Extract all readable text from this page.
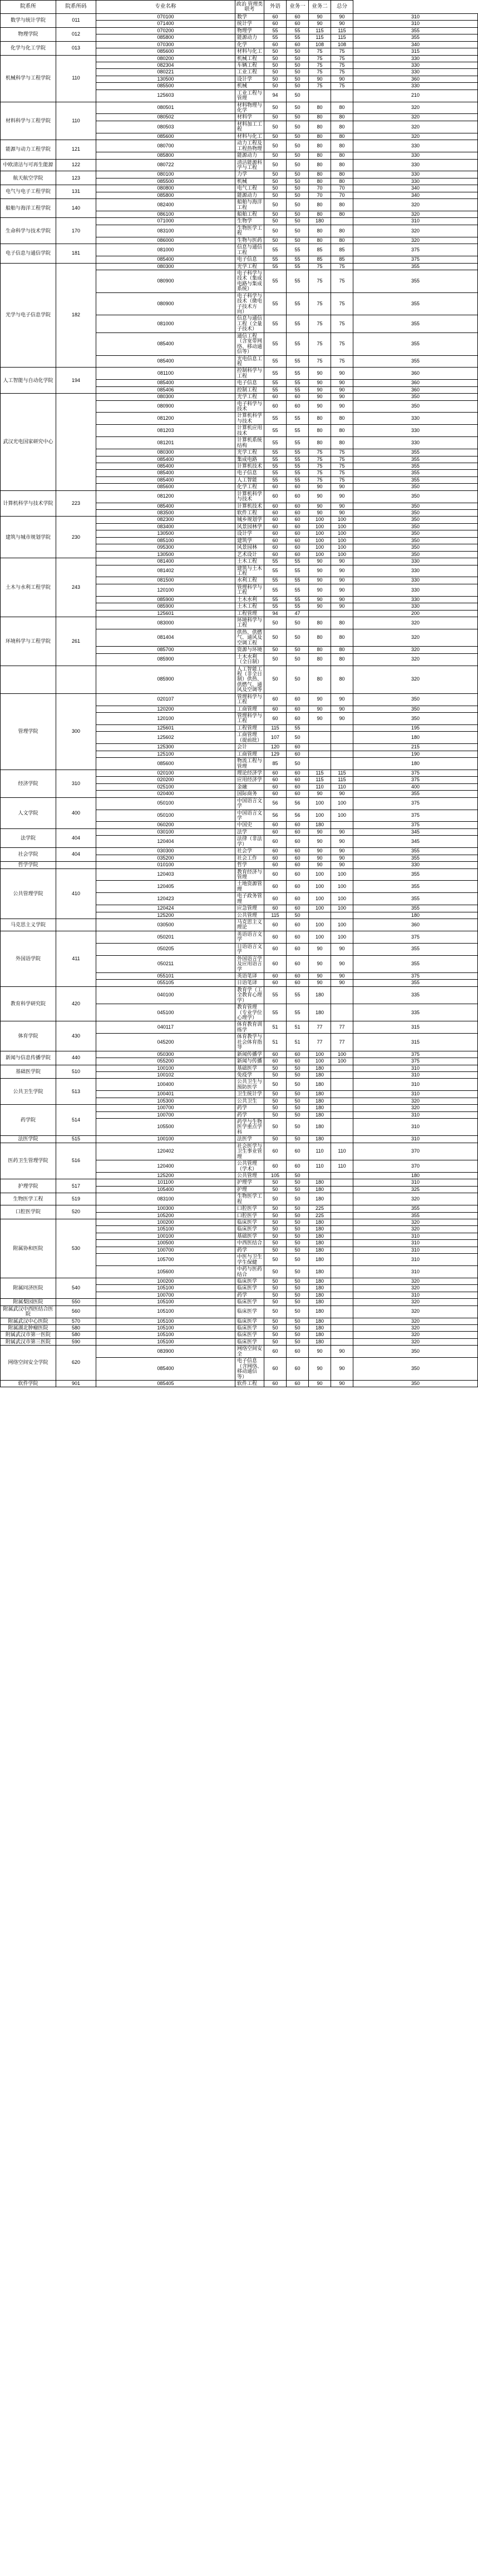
院系所	院系所码	专业名称	政治 管理类联考	外语	业务一	业务二	总分	
数学与统计学院	011	070100	数学	60	60	90	90	310
		071400	统计学	60	60	90	90	310
物理学院	012	070200	物理学	55	55	115	115	355
		085800	能源动力	55	55	115	115	355
化学与化工学院	013	070300	化学	60	60	108	108	340
		085600	材料与化工	50	50	75	75	315
机械科学与工程学院	110	080200	机械工程	50	50	75	75	330
		082304	车辆工程	50	50	75	75	330
		080221	工业工程	50	50	75	75	330
		130500	设计学	50	50	90	90	360
		085500	机械	50	50	75	75	330
		125603	工业工程与管理	94	50			210
材料科学与工程学院	110	080501	材料物理与化学	50	50	80	80	320
		080502	材料学	50	50	80	80	320
		080503	材料加工工程	50	50	80	80	320
		085600	材料与化工	50	50	80	80	320
能源与动力工程学院	121	080700	动力工程及工程热物理	50	50	80	80	330
		085800	能源动力	50	50	80	80	330
中欧清洁与可再生能源	122	080722	清洁能源科学与工程	50	50	80	80	330
航天航空学院	123	080100	力学	50	50	80	80	330
		085500	机械	50	50	80	80	330
电气与电子工程学院	131	080800	电气工程	50	50	70	70	340
		085800	能源动力	50	50	70	70	340
船舶与海洋工程学院	140	082400	船舶与海洋工程	50	50	80	80	320
		086100	船舶工程	50	50	80	80	320
生命科学与技术学院	170	071000	生物学	50	50	180		310
		083100	生物医学工程	50	50	80	80	320
		086000	生物与医药	50	50	80	80	320
电子信息与通信学院	181	081000	信息与通信工程	55	55	85	85	375
		085400	电子信息	55	55	85	85	375
光学与电子信息学院	182	080300	光学工程	55	55	75	75	355
		080900	电子科学与技术（集成电路与集成系统）	55	55	75	75	355
		080900	电子科学与技术（微电子技术方向）	55	55	75	75	355
		081000	信息与通信工程（全量子技术）	55	55	75	75	355
		085400	通信工程（含宽带网络、移动通信等）	55	55	75	75	355
		085400	光电信息工程	55	55	75	75	355
人工智能与自动化学院	194	081100	控制科学与工程	55	55	90	90	360
		085400	电子信息	55	55	90	90	360
		085406	控制工程	55	55	90	90	360
武汉光电国家研究中心		080300	光学工程	60	60	90	90	350
		080900	电子科学与技术	60	60	90	90	350
		081200	计算机科学与技术	55	55	80	80	330
		081203	计算机应用技术	55	55	80	80	330
		081201	计算机系统结构	55	55	80	80	330
		080300	光学工程	55	55	75	75	355
		085400	集成电路	55	55	75	75	355
		085400	计算机技术	55	55	75	75	355
		085400	电子信息	55	55	75	75	355
		085400	人工智能	55	55	75	75	355
		085600	化学工程	60	60	90	90	350
计算机科学与技术学院	223	081200	计算机科学与技术	60	60	90	90	350
		085400	计算机技术	60	60	90	90	350
		083500	软件工程	60	60	90	90	350
建筑与城市规划学院	230	082300	城乡规划学	60	60	100	100	350
		083400	风景园林学	60	60	100	100	350
		130500	设计学	60	60	100	100	350
		085100	建筑学	60	60	100	100	350
		095300	风景园林	60	60	100	100	350
		130500	艺术设计	60	60	100	100	350
土木与水利工程学院	243	081400	土木工程	55	55	90	90	330
		081402	建筑与土木工程	55	55	90	90	330
		081500	水利工程	55	55	90	90	330
		120100	管理科学与工程	55	55	90	90	330
		085900	土木水利	55	55	90	90	330
		085900	土木工程	55	55	90	90	330
		125601	工程管理	94	47			200
环境科学与工程学院	261	083000	环境科学与工程	50	50	80	80	320
		081404	供热、供燃气、通风及空调工程	50	50	80	80	320
		085700	资源与环境	50	50	80	80	320
		085900	土木水利（全日制）	50	50	80	80	320
		085900	人工智能工程（非全日制）供热、供燃气、通风及空调等	50	50	80	80	320
管理学院	300	020107	管理科学与工程	60	60	90	90	350
		120200	工商管理	60	60	90	90	350
		120100	管理科学与工程	60	60	90	90	350
		125601	工程管理	115	55			195
		125602	工商管理（提前批）	107	50			180
		125300	会计	120	60			215
		125100	工商管理	129	60			190
		085600	物流工程与管理	85	50			180
经济学院	310	020100	理论经济学	60	60	115	115	375
		020200	应用经济学	60	60	115	115	375
		025100	金融	60	60	110	110	400
		020400	国际商务	60	60	90	90	355
人文学院	400	050100	中国语言文学	56	56	100	100	375
		050100	中国语言文学	56	56	100	100	375
		060200	中国史	60	60	180		375
法学院	404	030100	法学	60	60	90	90	345
		120404	法律（非法学）	60	60	90	90	345
社会学院	404	030300	社会学	60	60	90	90	355
		035200	社会工作	60	60	90	90	355
哲学学院		010100	哲学	60	60	90	90	330
公共管理学院	410	120403	教育经济与管理	60	60	100	100	355
		120405	土地资源管理	60	60	100	100	355
		120423	电子政务管理	60	60	100	100	355
		120424	应急管理	60	60	100	100	355
		125200	公共管理	115	50			180
马克思主义学院		030500	马克思主义理论	60	60	100	100	360
外国语学院	411	050201	英语语言文学	60	60	100	100	375
		050205	日语语言文学	60	60	90	90	355
		050211	外国语言学及应用语言学	60	60	90	90	355
		055101	英语笔译	60	60	90	90	375
		055105	日语笔译	60	60	90	90	355
教育科学研究院	420	040100	教育学（工全教育心理学）	55	55	180		335
		045100	教育管理（专业学位心理学）	55	55	180		335
体育学院	430	040117	体育教育训练学	51	51	77	77	315
		045200	体育教学与社会体育指导	51	51	77	77	315
新闻与信息传播学院	440	050300	新闻传播学	60	60	100	100	375
		055200	新闻与传播	60	60	100	100	375
基础医学院	510	100100	基础医学	50	50	180		310
		100102	免疫学	50	50	180		310
公共卫生学院	513	100400	公共卫生与预防医学	50	50	180		310
		100401	卫生统计学	50	50	180		310
		105300	公共卫生	50	50	180		320
药学院	514	100700	药学	50	50	180		320
		100700	药学	50	50	180		310
		105500	药学与生物医学重点学科	50	50	180		310
法医学院	515	100100	法医学	50	50	180		310
医药卫生管理学院	516	120402	社会医学与卫生事业管理	60	60	110	110	370
		120400	公共管理（学术）	60	60	110	110	370
		125200	公共管理	105	50			180
护理学院	517	101100	护理学	50	50	180		310
		105400	护理	50	50	180		325
生物医学工程	519	083100	生物医学工程	50	50	180		320
口腔医学院	520	100300	口腔医学	50	50	225		355
		105200	口腔医学	50	50	225		355
附属协和医院	530	100200	临床医学	50	50	180		320
		105100	临床医学	50	50	180		320
		100100	基础医学	50	50	180		310
		100500	中西医结合	50	50	180		310
		100700	药学	50	50	180		310
		105700	中医与卫生学生保健	50	50	180		310
		105600	中药与医药结合	50	50	180		310
附属同济医院	540	100200	临床医学	50	50	180		320
		105100	临床医学	50	50	180		320
		100700	药学	50	50	180		310
附属梨园医院	550	105100	临床医学	50	50	180		320
附属武汉中西医结合医院	560	105100	临床医学	50	50	180		320
附属武汉中心医院	570	105100	临床医学	50	50	180		320
附属湖北肿瘤医院	580	105100	临床医学	50	50	180		320
附属武汉市第一医院	580	105100	临床医学	50	50	180		320
附属武汉市第三医院	590	105100	临床医学	50	50	180		320
网络空间安全学院	620	083900	网络空间安全	60	60	90	90	350
		085400	电子信息（含网络、移动通信等）	60	60	90	90	350
软件学院	901	085405	软件工程	60	60	90	90	350
